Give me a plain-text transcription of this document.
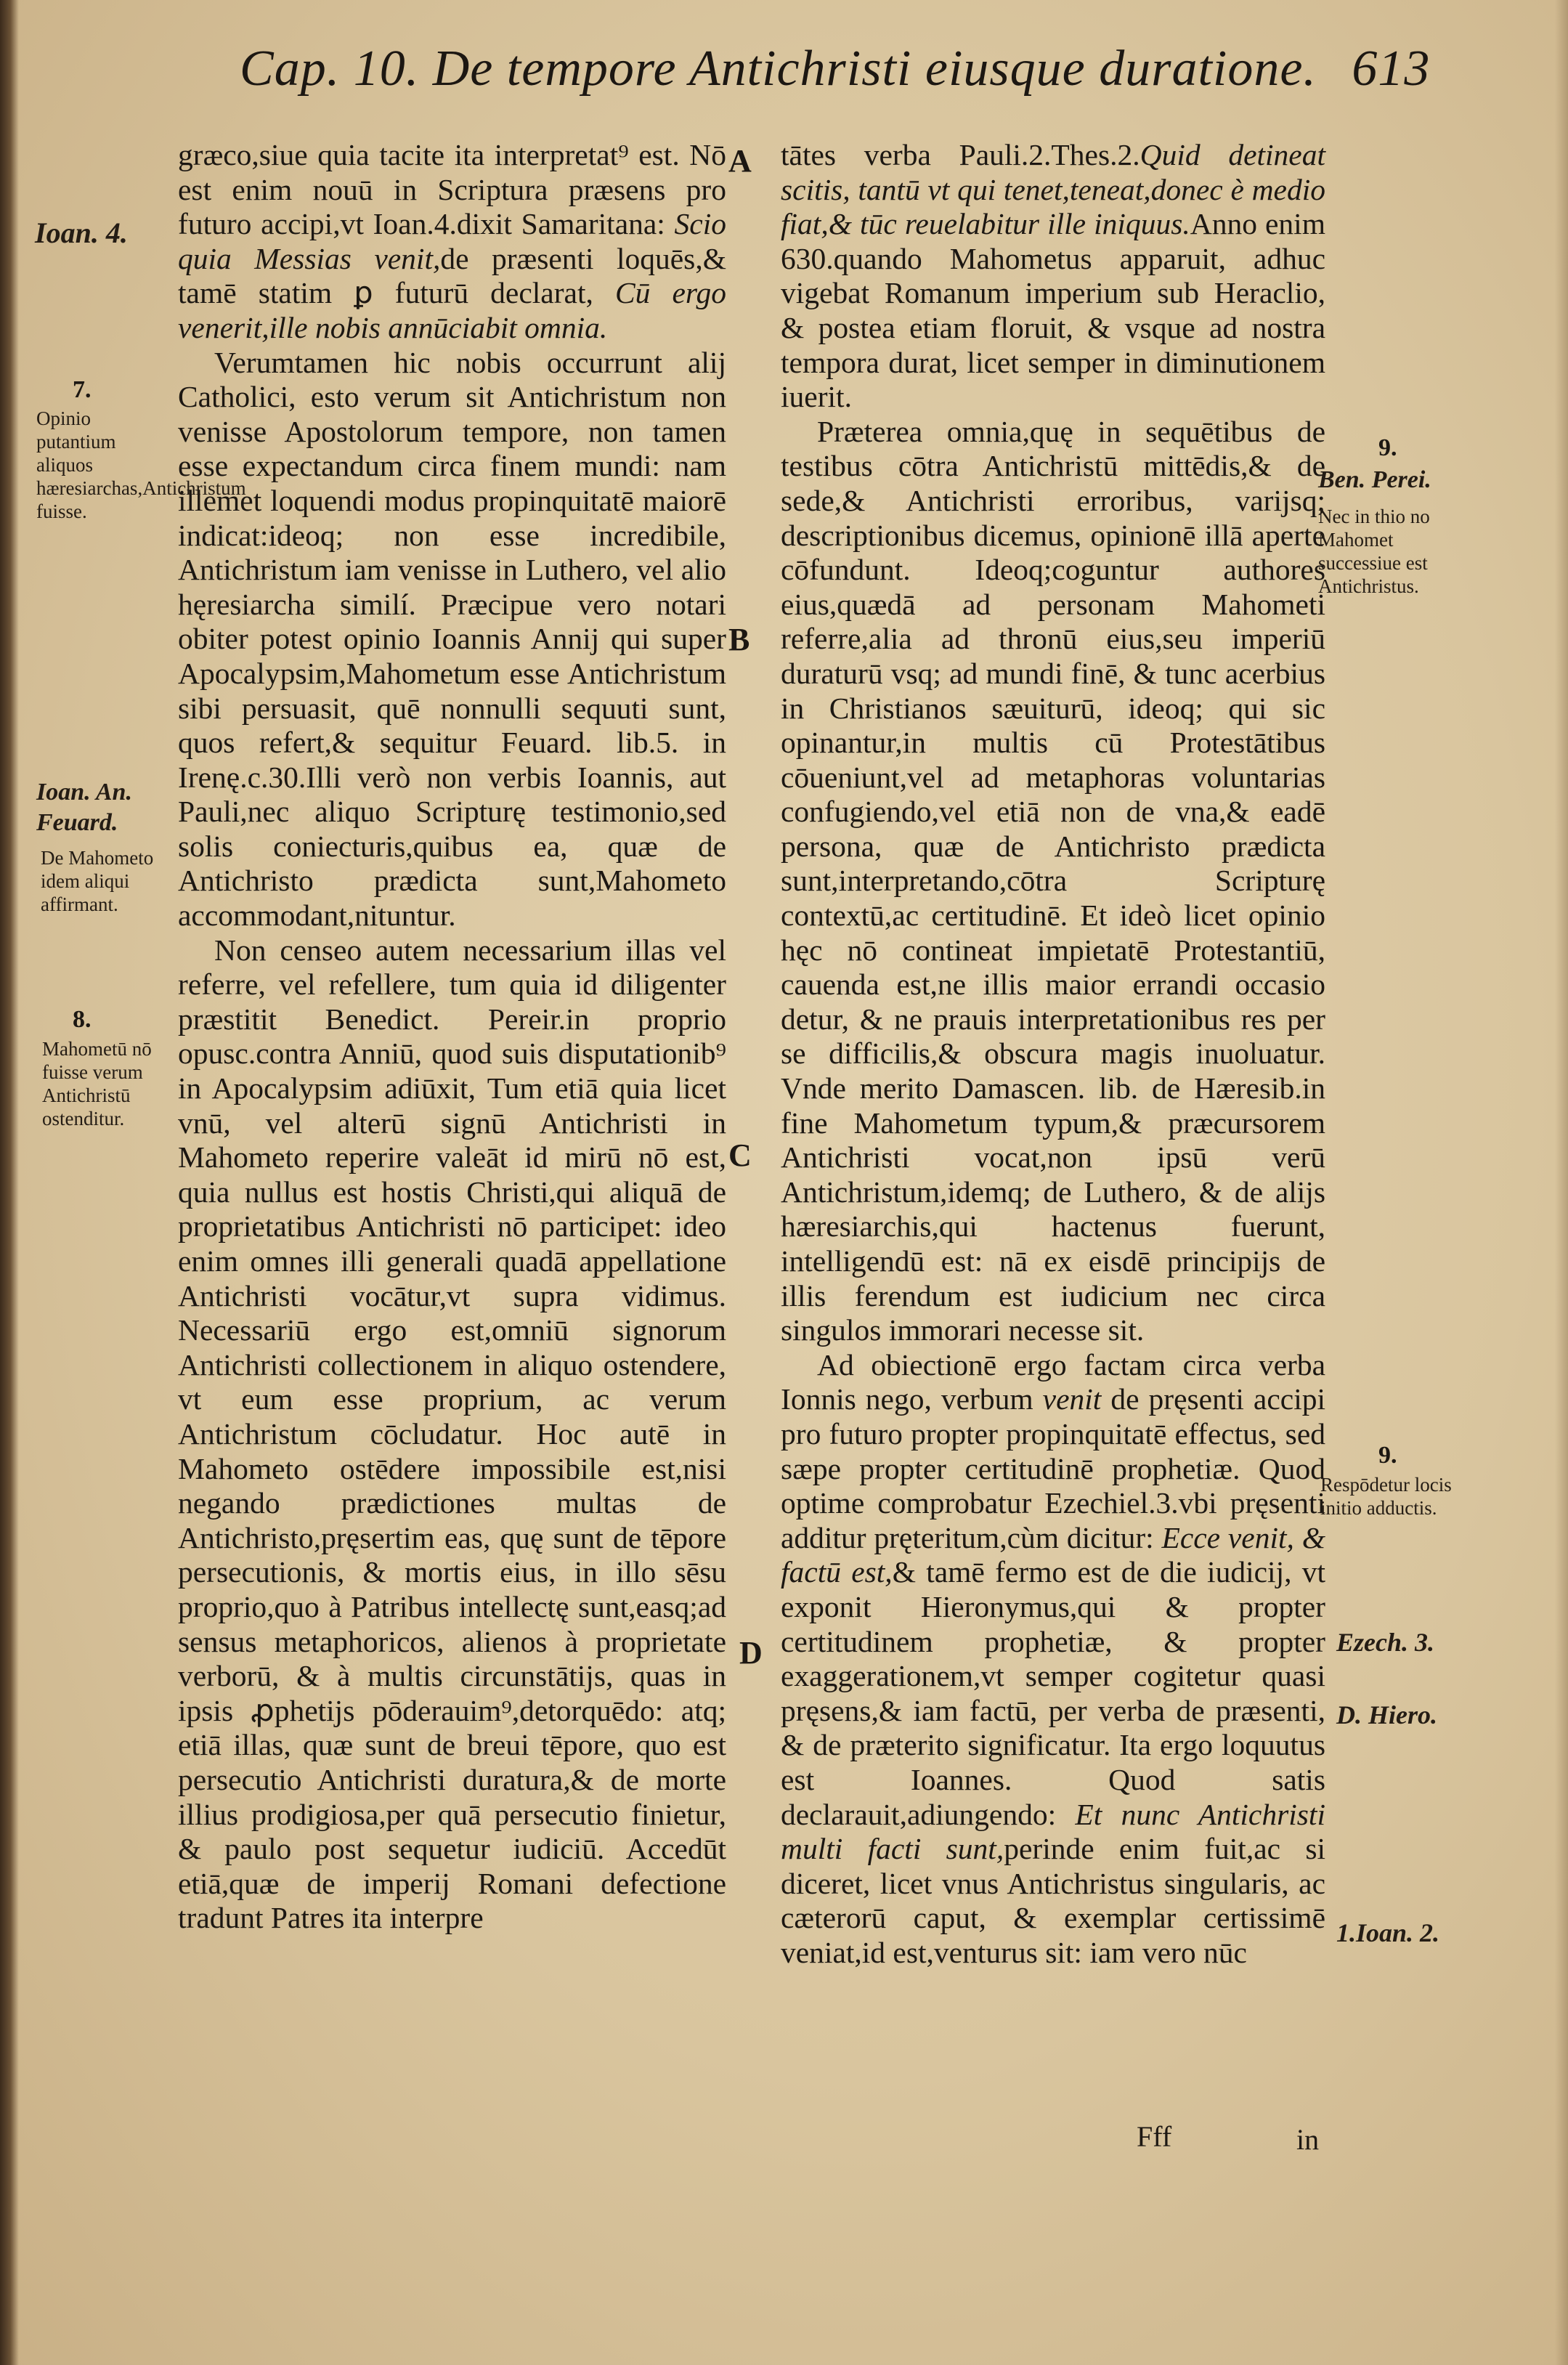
Cap. 10. De tempore Antichristi eiusque duratione. 613

græco,siue quia tacite ita interpretat⁹ est. Nō est enim nouū in Scriptura præsens pro futuro accipi,vt Ioan.4.dixit Samaritana: Scio quia Messias venit,de præsenti loquēs,& tamē statim ꝑ futurū declarat, Cū ergo venerit,ille nobis annūciabit omnia.

Verumtamen hic nobis occurrunt alij Catholici, esto verum sit Antichristum non venisse Apostolorum tempore, non tamen esse expectandum circa finem mundi: nam illemet loquendi modus propinquitatē maiorē indicat:ideoq; non esse incredibile, Antichristum iam venisse in Luthero, vel alio hęresiarcha similí. Præcipue vero notari obiter potest opinio Ioannis Annij qui super Apocalypsim,Mahometum esse Antichristum sibi persuasit, quē nonnulli sequuti sunt, quos refert,& sequitur Feuard. lib.5. in Irenę.c.30.Illi verò non verbis Ioannis, aut Pauli,nec aliquo Scripturę testimonio,sed solis coniecturis,quibus ea, quæ de Antichristo prædicta sunt,Mahometo accommodant,nituntur.

Non censeo autem necessarium illas vel referre, vel refellere, tum quia id diligenter præstitit Benedict. Pereir.in proprio opusc.contra Anniū, quod suis disputationib⁹ in Apocalypsim adiūxit, Tum etiā quia licet vnū, vel alterū signū Antichristi in Mahometo reperire valeāt id mirū nō est, quia nullus est hostis Christi,qui aliquā de proprietatibus Antichristi nō participet: ideo enim omnes illi generali quadā appellatione Antichristi vocātur,vt supra vidimus. Necessariū ergo est,omniū signorum Antichristi collectionem in aliquo ostendere, vt eum esse proprium, ac verum Antichristum cōcludatur. Hoc autē in Mahometo ostēdere impossibile est,nisi negando prædictiones multas de Antichristo,pręsertim eas, quę sunt de tēpore persecutionis, & mortis eius, in illo sēsu proprio,quo à Patribus intellectę sunt,easq;ad sensus metaphoricos, alienos à proprietate verborū, & à multis circunstātijs, quas in ipsis ꝓphetijs pōderauim⁹,detorquēdo: atq; etiā illas, quæ sunt de breui tēpore, quo est persecutio Antichristi duratura,& de morte illius prodigiosa,per quā persecutio finietur, & paulo post sequetur iudiciū. Accedūt etiā,quæ de imperij Romani defectione tradunt Patres ita interpre

tātes verba Pauli.2.Thes.2.Quid detineat scitis, tantū vt qui tenet,teneat,donec è medio fiat,& tūc reuelabitur ille iniquus.Anno enim 630.quando Mahometus apparuit, adhuc vigebat Romanum imperium sub Heraclio, & postea etiam floruit, & vsque ad nostra tempora durat, licet semper in diminutionem iuerit.

Præterea omnia,quę in sequētibus de testibus cōtra Antichristū mittēdis,& de sede,& Antichristi erroribus, varijsq; descriptionibus dicemus, opinionē illā aperte cōfundunt. Ideoq;coguntur authores eius,quædā ad personam Mahometi referre,alia ad thronū eius,seu imperiū duraturū vsq; ad mundi finē, & tunc acerbius in Christianos sæuiturū, ideoq; qui sic opinantur,in multis cū Protestātibus cōueniunt,vel ad metaphoras voluntarias confugiendo,vel etiā non de vna,& eadē persona, quæ de Antichristo prædicta sunt,interpretando,cōtra Scripturę contextū,ac certitudinē. Et ideò licet opinio hęc nō contineat impietatē Protestantiū, cauenda est,ne illis maior errandi occasio detur, & ne prauis interpretationibus res per se difficilis,& obscura magis inuoluatur. Vnde merito Damascen. lib. de Hæresib.in fine Mahometum typum,& præcursorem Antichristi vocat,non ipsū verū Antichristum,idemq; de Luthero, & de alijs hæresiarchis,qui hactenus fuerunt, intelligendū est: nā ex eisdē principijs de illis ferendum est iudicium nec circa singulos immorari necesse sit.

Ad obiectionē ergo factam circa verba Ionnis nego, verbum venit de pręsenti accipi pro futuro propter propinquitatē effectus, sed sæpe propter certitudinē prophetiæ. Quod optime comprobatur Ezechiel.3.vbi pręsenti additur pręteritum,cùm dicitur: Ecce venit, & factū est,& tamē fermo est de die iudicij, vt exponit Hieronymus,qui & propter certitudinem prophetiæ, & propter exaggerationem,vt semper cogitetur quasi pręsens,& iam factū, per verba de præsenti, & de præterito significatur. Ita ergo loquutus est Ioannes. Quod satis declarauit,adiungendo: Et nunc Antichristi multi facti sunt,perinde enim fuit,ac si diceret, licet vnus Antichristus singularis, ac cæterorū caput, & exemplar certissimē veniat,id est,venturus sit: iam vero nūc

A
B
C
D
Ioan. 4.
7.
Opinio putantium aliquos hæresiarchas,Antichristum fuisse.
Ioan. An. Feuard.
De Mahometo idem aliqui affirmant.
8.
Mahometū nō fuisse verum Antichristū ostenditur.
9.
Ben. Perei.
Nec in thio no Mahomet successiue est Antichristus.
9.
Respōdetur locis initio adductis.
Ezech. 3.
D. Hiero.
1.Ioan. 2.
Fff	in
